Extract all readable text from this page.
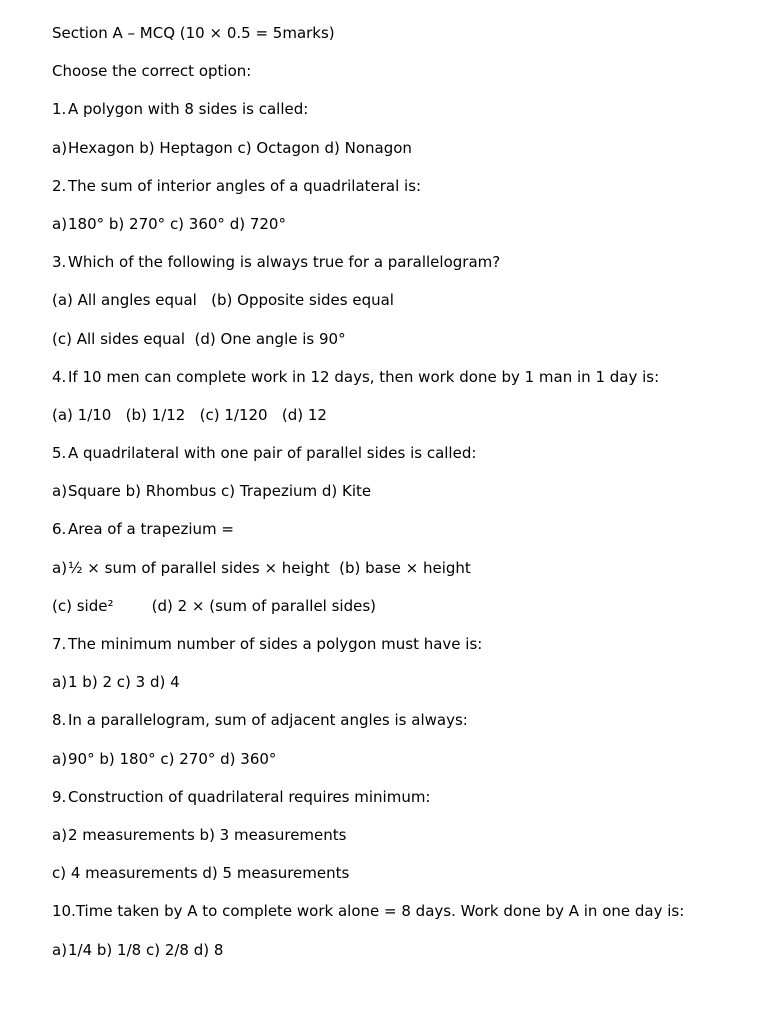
Section A – MCQ (10 × 0.5 = 5marks)
Choose the correct option:
1. A polygon with 8 sides is called:
a)Hexagon b) Heptagon c) Octagon d) Nonagon
2. The sum of interior angles of a quadrilateral is:
a)180° b) 270° c) 360° d) 720°
3. Which of the following is always true for a parallelogram?
(a) All angles equal   (b) Opposite sides equal
(c) All sides equal  (d) One angle is 90°
4. If 10 men can complete work in 12 days, then work done by 1 man in 1 day is:
(a) 1/10   (b) 1/12   (c) 1/120   (d) 12
5. A quadrilateral with one pair of parallel sides is called:
a)Square b) Rhombus c) Trapezium d) Kite
6. Area of a trapezium =
a)½ × sum of parallel sides × height  (b) base × height
(c) side²        (d) 2 × (sum of parallel sides)
7. The minimum number of sides a polygon must have is:
a)1 b) 2 c) 3 d) 4
8. In a parallelogram, sum of adjacent angles is always:
a)90° b) 180° c) 270° d) 360°
9. Construction of quadrilateral requires minimum:
a)2 measurements b) 3 measurements
c) 4 measurements d) 5 measurements
10.Time taken by A to complete work alone = 8 days. Work done by A in one day is:
a)1/4 b) 1/8 c) 2/8 d) 8
